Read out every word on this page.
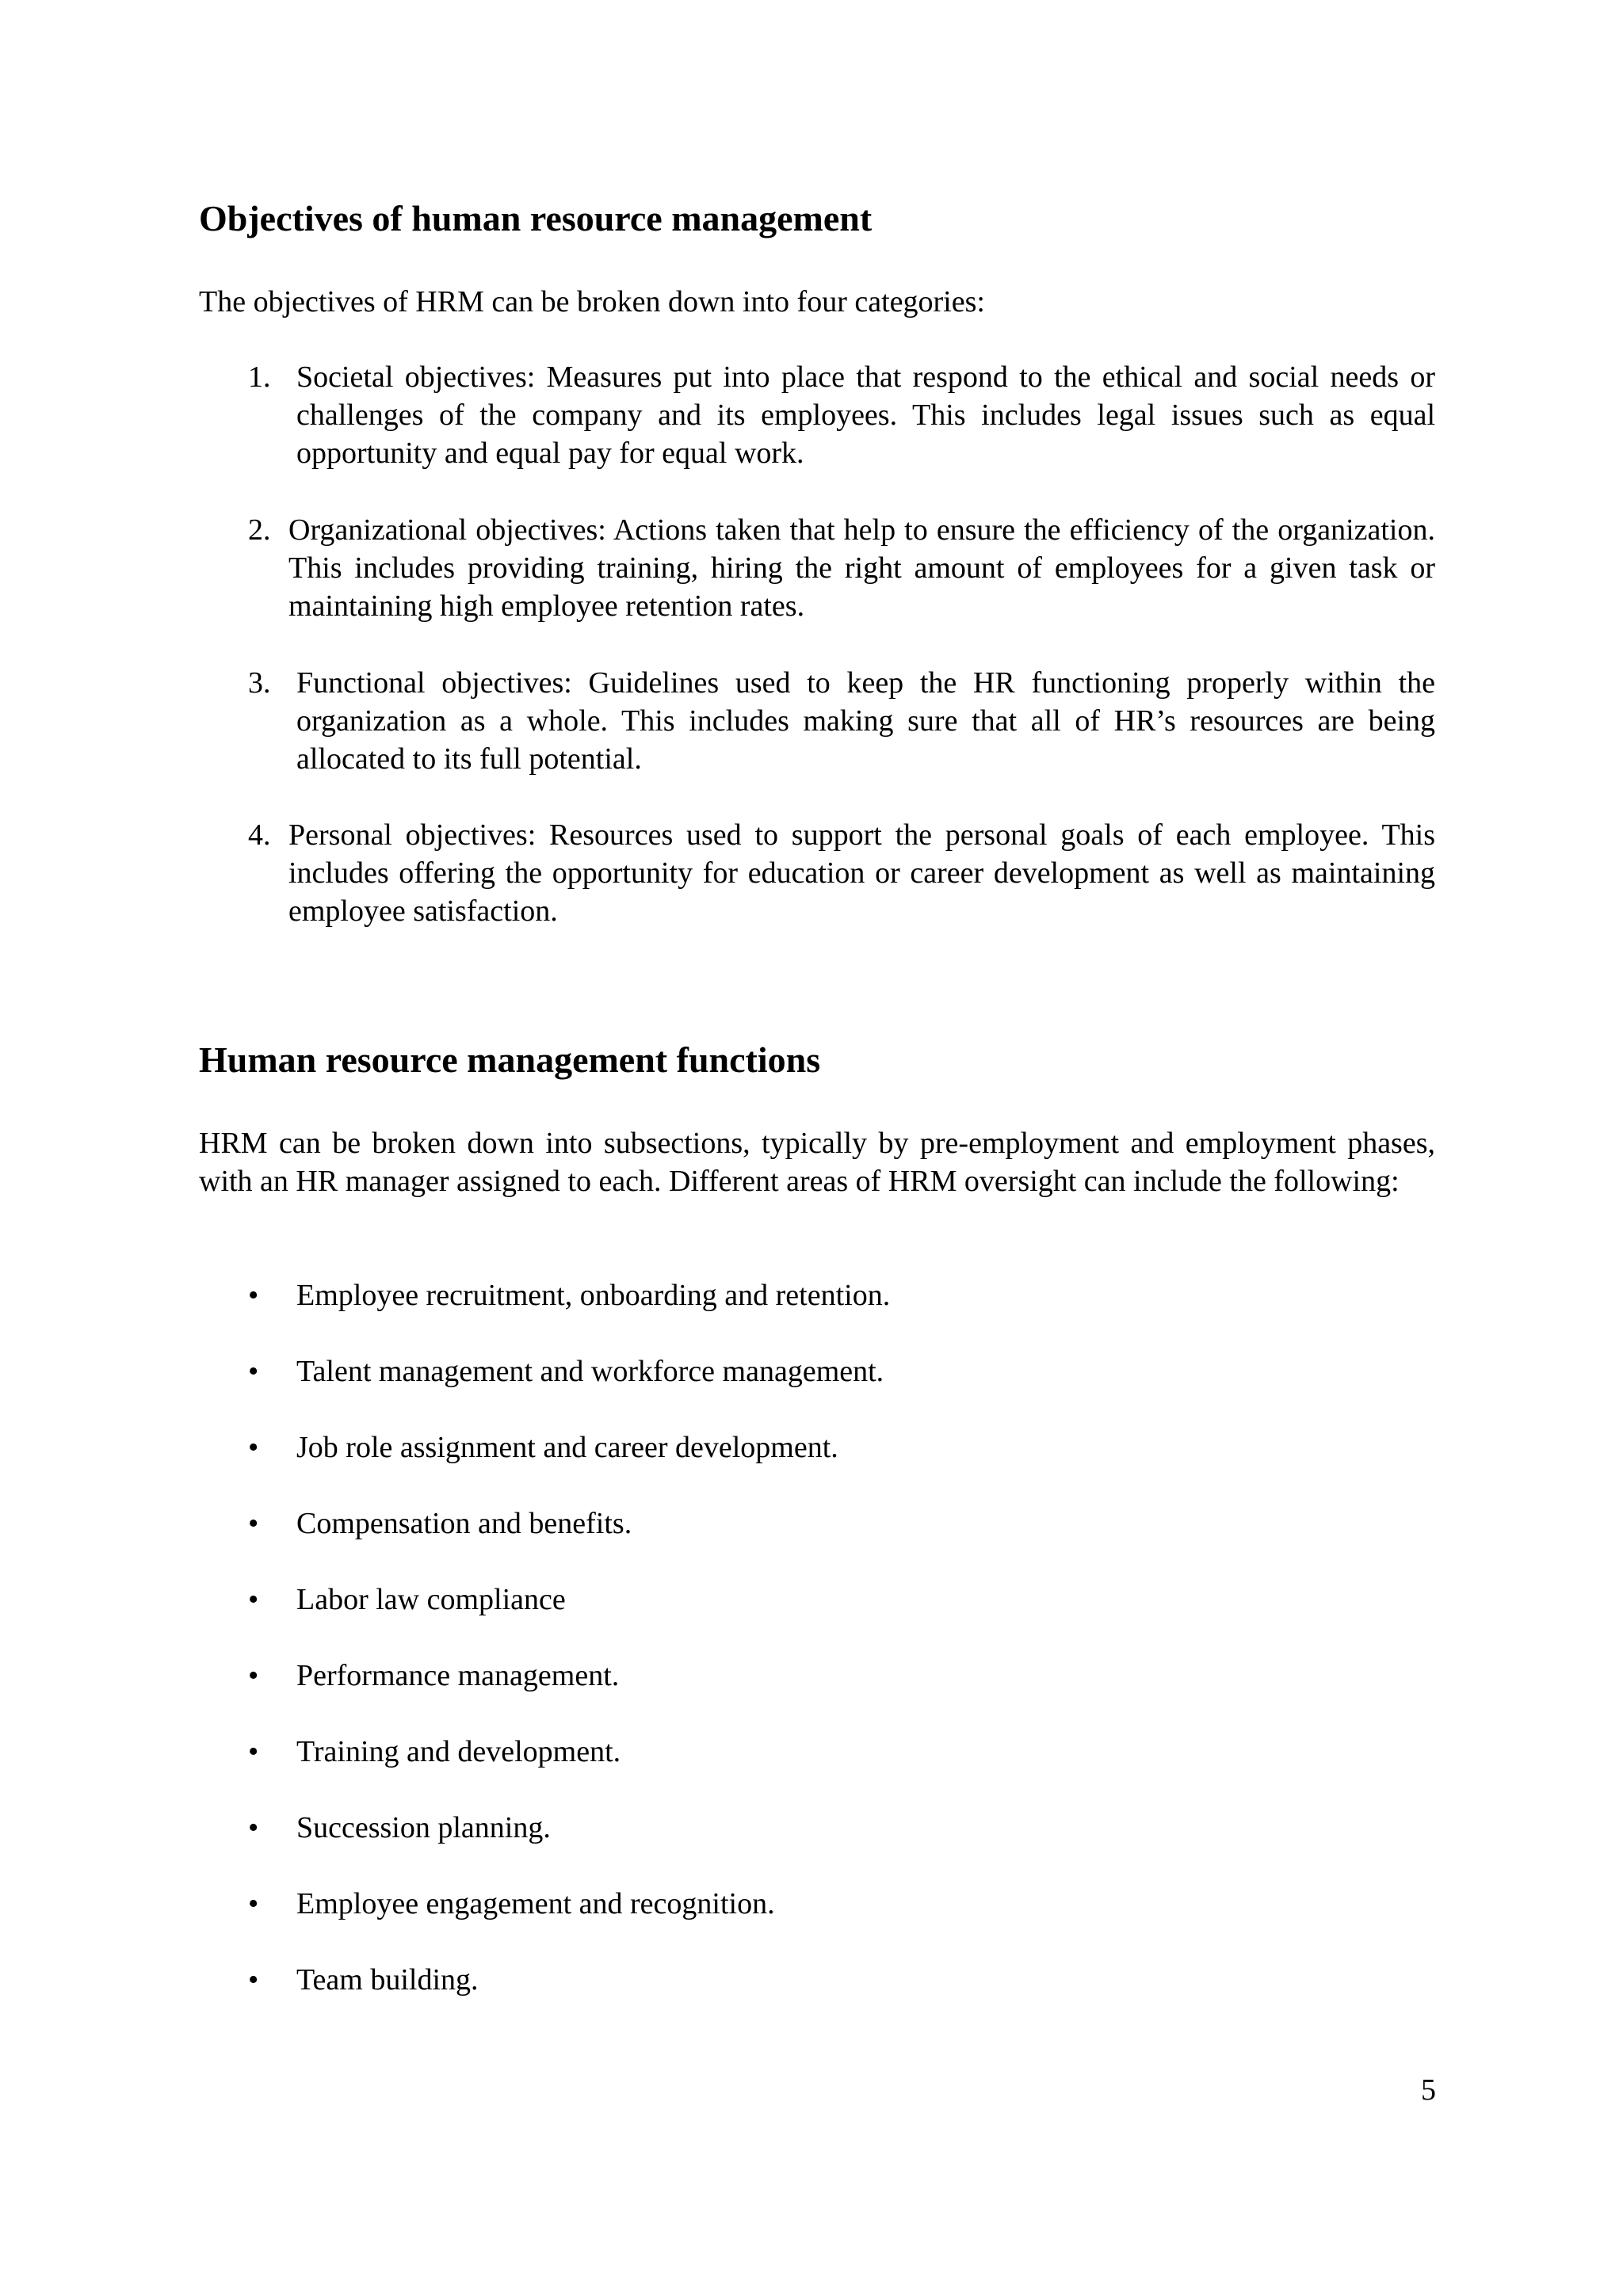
Objectives of human resource management

The objectives of HRM can be broken down into four categories:

1. Societal objectives: Measures put into place that respond to the ethical and social needs or challenges of the company and its employees. This includes legal issues such as equal opportunity and equal pay for equal work.
2. Organizational objectives: Actions taken that help to ensure the efficiency of the organization. This includes providing training, hiring the right amount of employees for a given task or maintaining high employee retention rates.
3. Functional objectives: Guidelines used to keep the HR functioning properly within the organization as a whole. This includes making sure that all of HR’s resources are being allocated to its full potential.
4. Personal objectives: Resources used to support the personal goals of each employee. This includes offering the opportunity for education or career development as well as maintaining employee satisfaction.
Human resource management functions

HRM can be broken down into subsections, typically by pre-employment and employment phases, with an HR manager assigned to each. Different areas of HRM oversight can include the following:

• Employee recruitment, onboarding and retention.
• Talent management and workforce management.
• Job role assignment and career development.
• Compensation and benefits.
• Labor law compliance
• Performance management.
• Training and development.
• Succession planning.
• Employee engagement and recognition.
• Team building.
5
